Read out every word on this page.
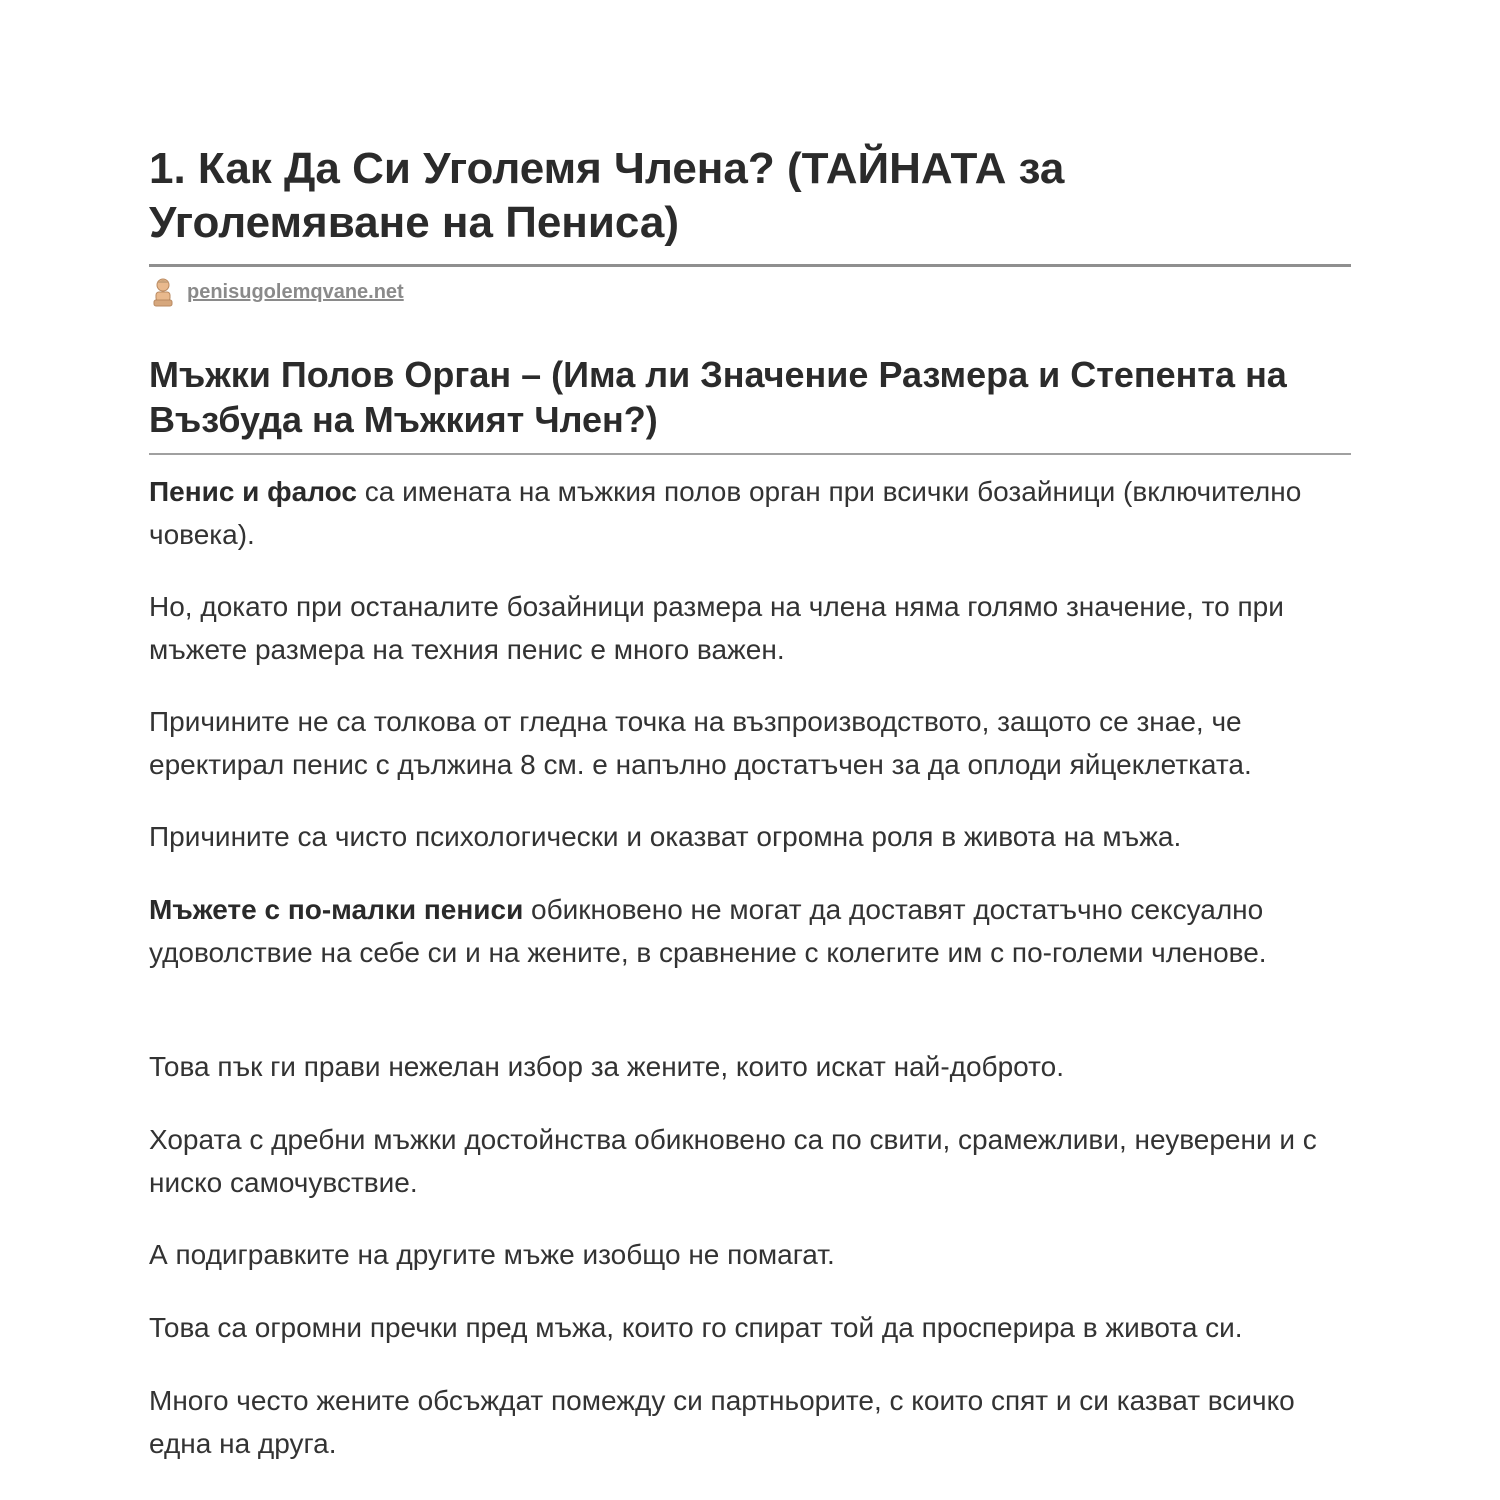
1. Как Да Си Уголемя Члена? (ТАЙНАТА за Уголемяване на Пениса)
penisugolemqvane.net
Мъжки Полов Орган – (Има ли Значение Размера и Степента на Възбуда на Мъжкият Член?)

Пенис и фалос са имената на мъжкия полов орган при всички бозайници (включително човека).

Но, докато при останалите бозайници размера на члена няма голямо значение, то при мъжете размера на техния пенис е много важен.

Причините не са толкова от гледна точка на възпроизводството, защото се знае, че еректирал пенис с дължина 8 см. е напълно достатъчен за да оплоди яйцеклетката.

Причините са чисто психологически и оказват огромна роля в живота на мъжа.

Мъжете с по-малки пениси обикновено не могат да доставят достатъчно сексуално удоволствие на себе си и на жените, в сравнение с колегите им с по-големи членове.

Това пък ги прави нежелан избор за жените, които искат най-доброто.

Хората с дребни мъжки достойнства обикновено са по свити, срамежливи, неуверени и с ниско самочувствие.

А подигравките на другите мъже изобщо не помагат.

Това са огромни пречки пред мъжа, които го спират той да просперира в живота си.

Много често жените обсъждат помежду си партньорите, с които спят и си казват всичко една на друга.
